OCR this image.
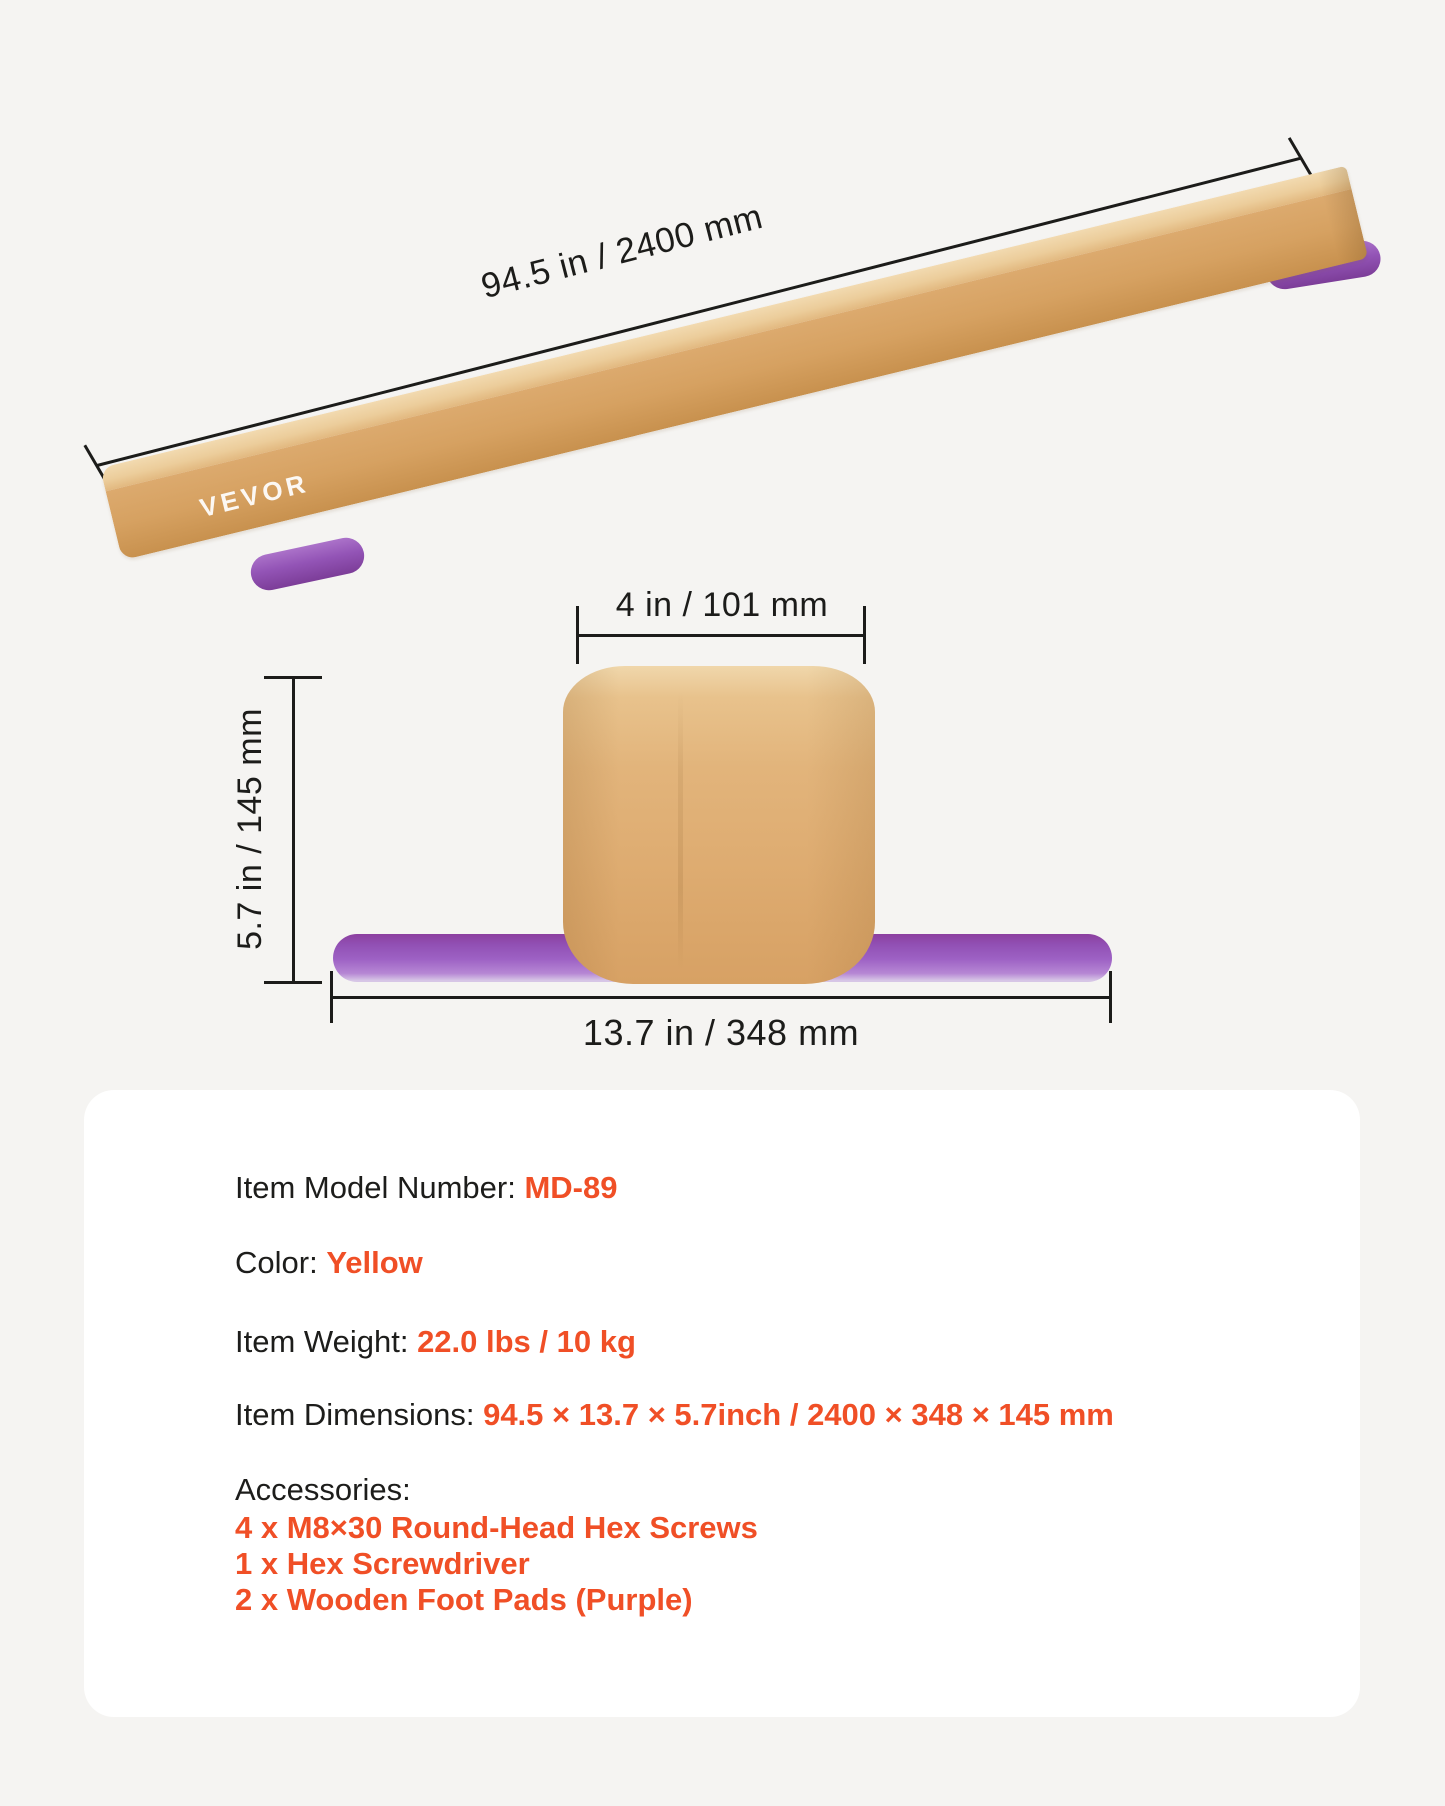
94.5 in / 2400 mm
VEVOR
4 in / 101 mm
5.7 in / 145 mm
13.7 in / 348 mm
Item Model Number: MD-89
Color: Yellow
Item Weight: 22.0 lbs / 10 kg
Item Dimensions: 94.5 × 13.7 × 5.7inch / 2400 × 348 × 145 mm
Accessories:
4 x M8×30 Round-Head Hex Screws
1 x Hex Screwdriver
2 x Wooden Foot Pads (Purple)
